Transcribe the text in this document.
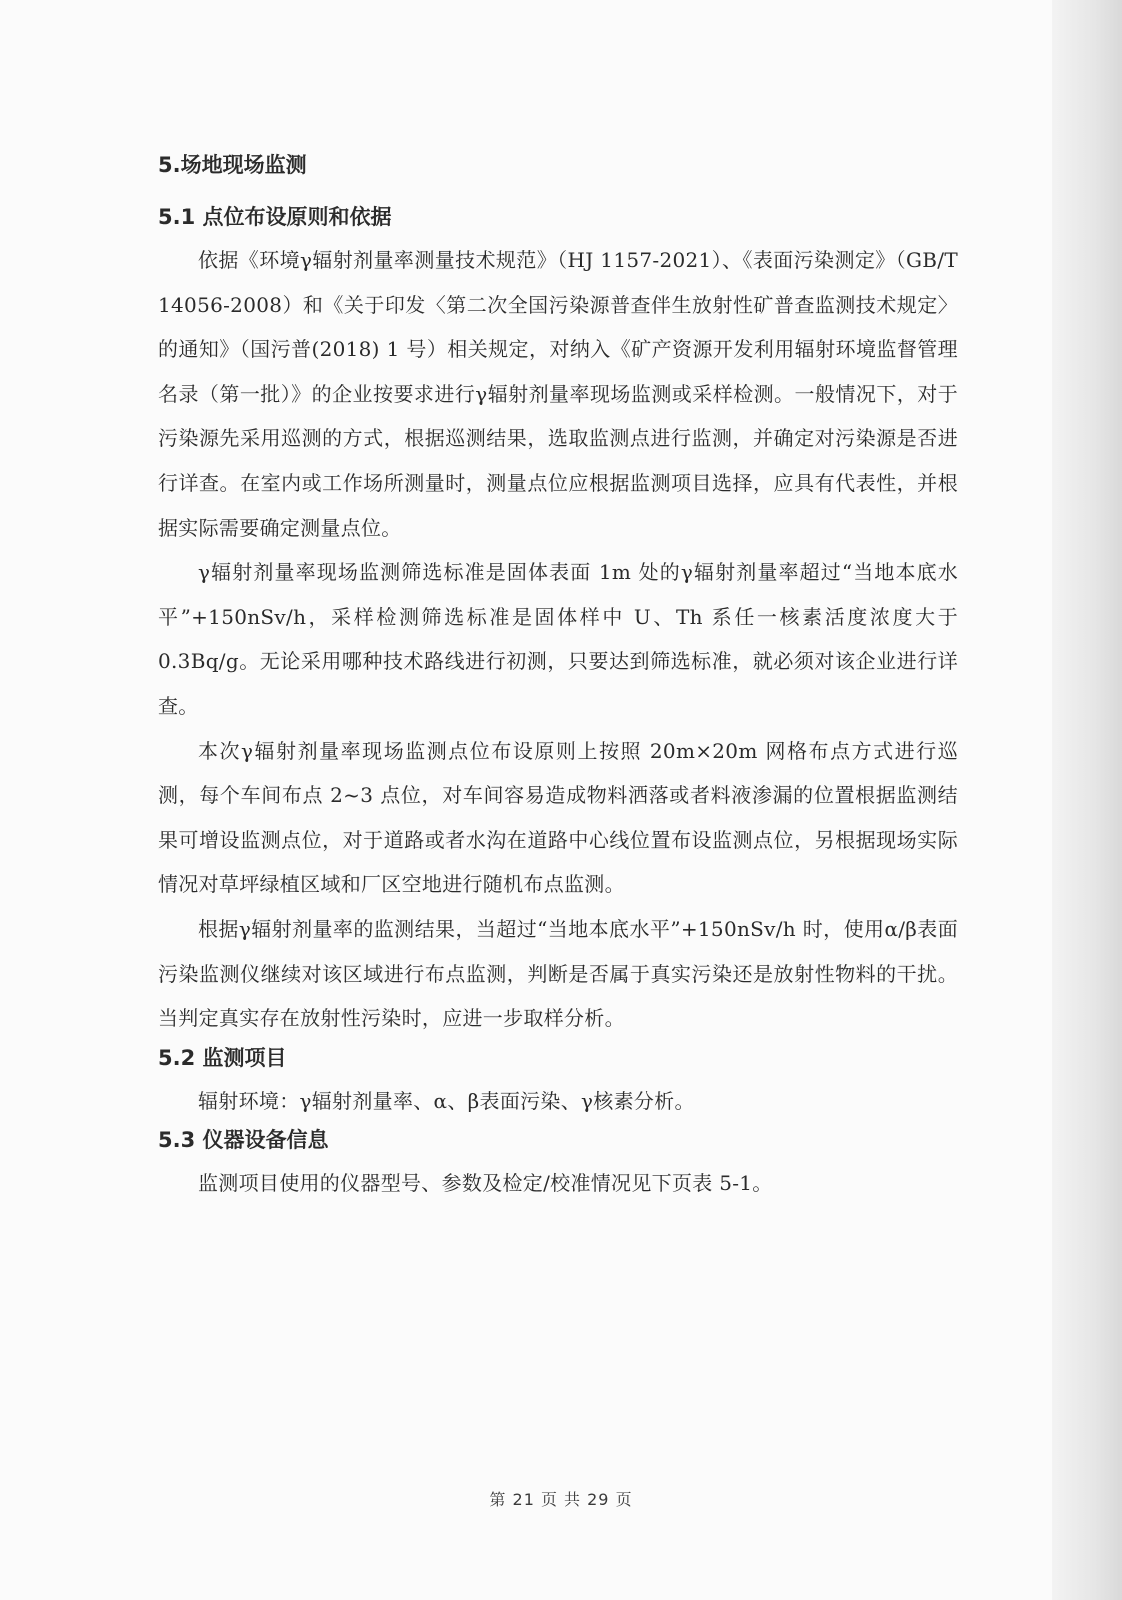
5.场地现场监测
5.1 点位布设原则和依据

依据《环境γ辐射剂量率测量技术规范》（HJ 1157-2021）、《表面污染测定》（GB/T 14056-2008）和《关于印发〈第二次全国污染源普查伴生放射性矿普查监测技术规定〉的通知》（国污普(2018) 1 号）相关规定，对纳入《矿产资源开发利用辐射环境监督管理名录（第一批）》的企业按要求进行γ辐射剂量率现场监测或采样检测。一般情况下，对于污染源先采用巡测的方式，根据巡测结果，选取监测点进行监测，并确定对污染源是否进行详查。在室内或工作场所测量时，测量点位应根据监测项目选择，应具有代表性，并根据实际需要确定测量点位。

γ辐射剂量率现场监测筛选标准是固体表面 1m 处的γ辐射剂量率超过“当地本底水平”+150nSv/h，采样检测筛选标准是固体样中 U、Th 系任一核素活度浓度大于 0.3Bq/g。无论采用哪种技术路线进行初测，只要达到筛选标准，就必须对该企业进行详查。

本次γ辐射剂量率现场监测点位布设原则上按照 20m×20m 网格布点方式进行巡测，每个车间布点 2~3 点位，对车间容易造成物料洒落或者料液渗漏的位置根据监测结果可增设监测点位，对于道路或者水沟在道路中心线位置布设监测点位，另根据现场实际情况对草坪绿植区域和厂区空地进行随机布点监测。

根据γ辐射剂量率的监测结果，当超过“当地本底水平”+150nSv/h 时，使用α/β表面污染监测仪继续对该区域进行布点监测，判断是否属于真实污染还是放射性物料的干扰。当判定真实存在放射性污染时，应进一步取样分析。

5.2 监测项目

辐射环境：γ辐射剂量率、α、β表面污染、γ核素分析。

5.3 仪器设备信息

监测项目使用的仪器型号、参数及检定/校准情况见下页表 5-1。

第 21 页 共 29 页
